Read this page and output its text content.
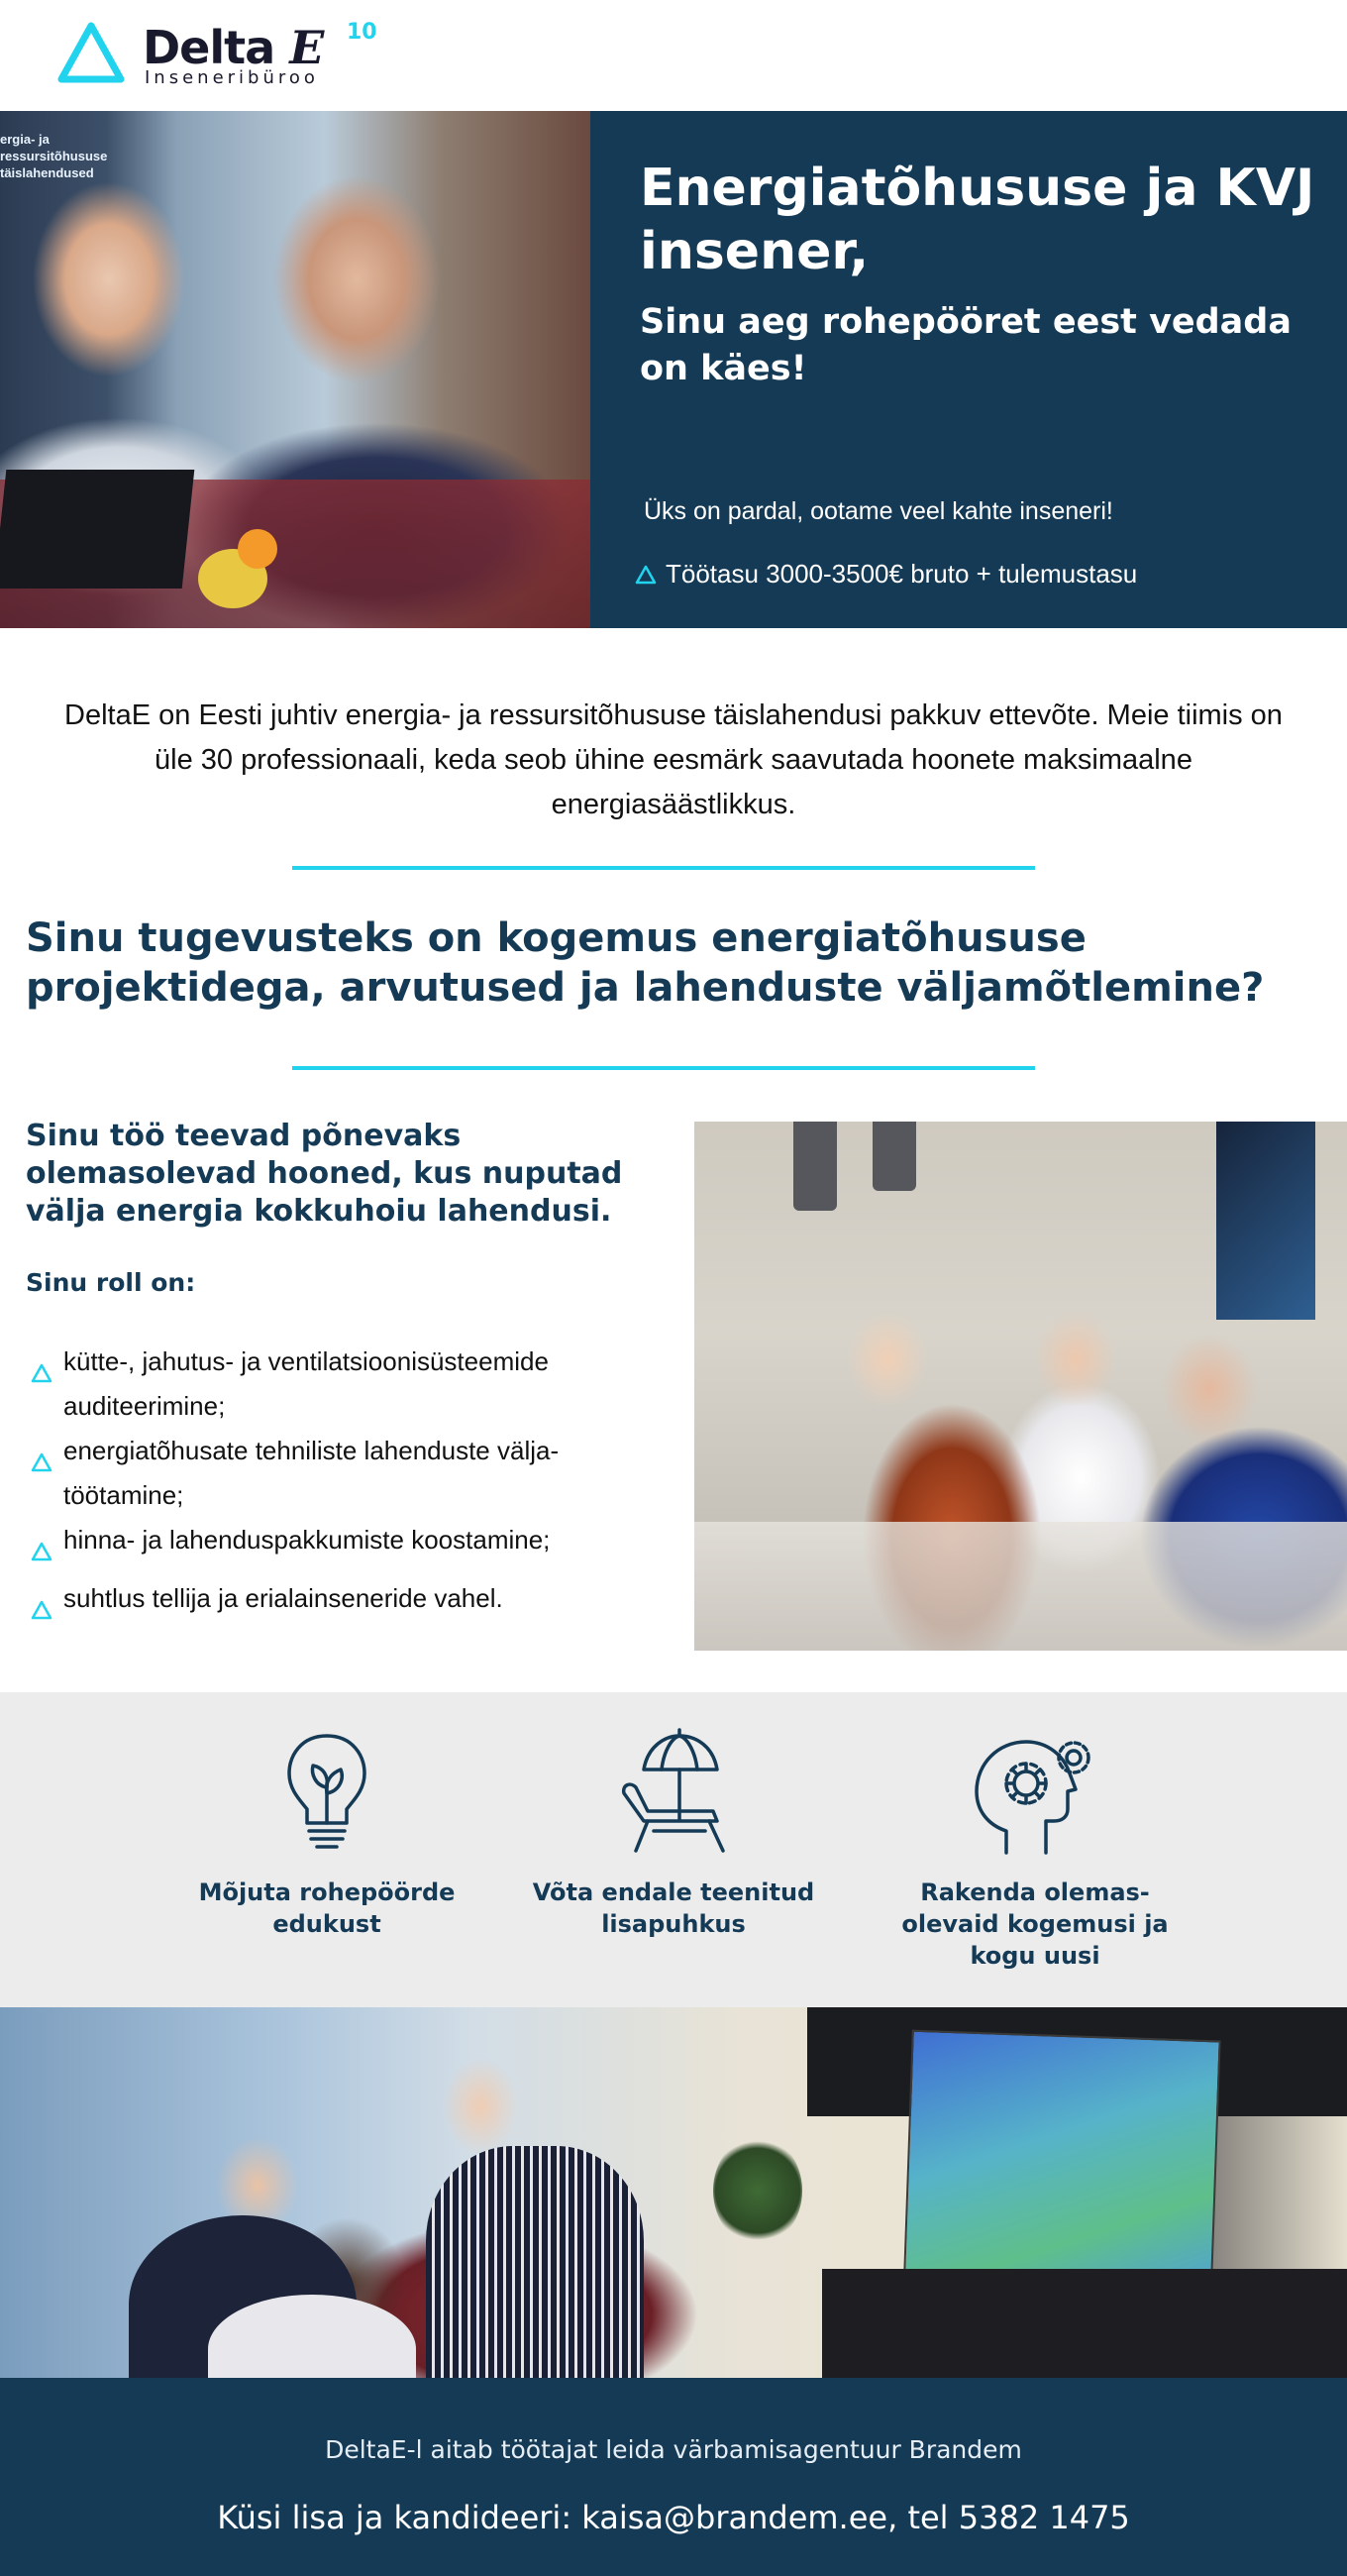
Delta E 10
Inseneribüroo
ergia- ja ressursitõhususe täislahendused	Energiatõhususe ja KVJ insener,
Sinu aeg rohepööret eest vedada on käes!

Üks on pardal, ootame veel kahte inseneri!

Töötasu 3000-3500€ bruto + tulemustasu

DeltaE on Eesti juhtiv energia- ja ressursitõhususe täislahendusi pakkuv ettevõte. Meie tiimis on üle 30 professionaali, keda seob ühine eesmärk saavutada hoonete maksimaalne energiasäästlikkus.

Sinu tugevusteks on kogemus energiatõhususe projektidega, arvutused ja lahenduste väljamõtlemine?
Sinu töö teevad põnevaks olemasolevad hooned, kus nuputad välja energia kokkuhoiu lahendusi.

Sinu roll on:

kütte-, jahutus- ja ventilatsioonisüsteemide auditeerimine;
energiatõhusate tehniliste lahenduste välja-töötamine;
hinna- ja lahenduspakkumiste koostamine;
suhtlus tellija ja erialainseneride vahel.
Mõjuta rohepöörde edukust
Võta endale teenitud lisapuhkus
Rakenda olemas-olevaid kogemusi ja kogu uusi

DeltaE-l aitab töötajat leida värbamisagentuur Brandem

Küsi lisa ja kandideeri: kaisa@brandem.ee, tel 5382 1475
